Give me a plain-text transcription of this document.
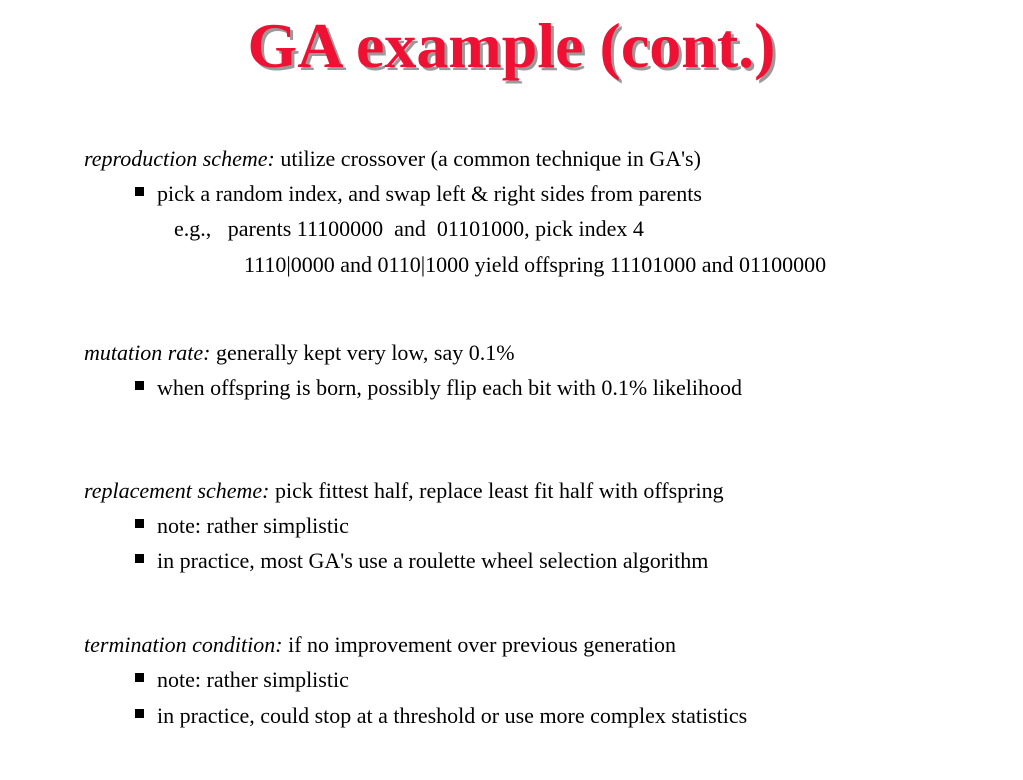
GA example (cont.)
reproduction scheme: utilize crossover (a common technique in GA's)
pick a random index, and swap left & right sides from parents
e.g.,   parents 11100000  and  01101000, pick index 4
1110|0000 and 0110|1000 yield offspring 11101000 and 01100000
mutation rate: generally kept very low, say 0.1%
when offspring is born, possibly flip each bit with 0.1% likelihood
replacement scheme: pick fittest half, replace least fit half with offspring
note: rather simplistic
in practice, most GA's use a roulette wheel selection algorithm
termination condition: if no improvement over previous generation
note: rather simplistic
in practice, could stop at a threshold or use more complex statistics
